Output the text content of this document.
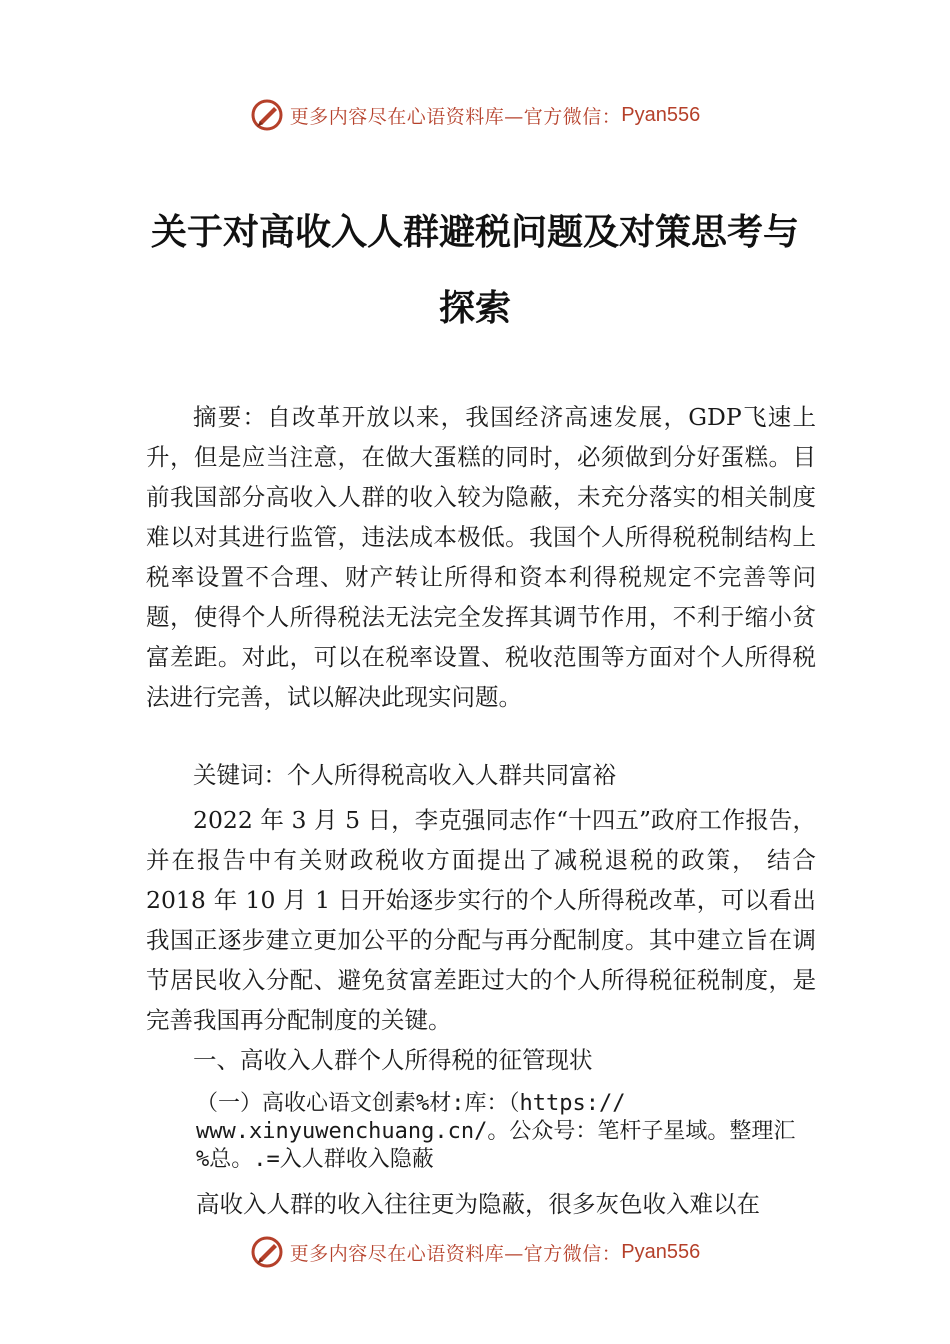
更多内容尽在心语资料库—官方微信： Pyan556
关于对高收入人群避税问题及对策思考与
探索

摘要：自改革开放以来，我国经济高速发展，GDP飞速上升，但是应当注意，在做大蛋糕的同时，必须做到分好蛋糕。目前我国部分高收入人群的收入较为隐蔽，未充分落实的相关制度难以对其进行监管，违法成本极低。我国个人所得税税制结构上税率设置不合理、财产转让所得和资本利得税规定不完善等问题，使得个人所得税法无法完全发挥其调节作用，不利于缩小贫富差距。对此，可以在税率设置、税收范围等方面对个人所得税法进行完善，试以解决此现实问题。

关键词：个人所得税高收入人群共同富裕

2022 年 3 月 5 日，李克强同志作“十四五”政府工作报告，并在报告中有关财政税收方面提出了减税退税的政策， 结合 2018 年 10 月 1 日开始逐步实行的个人所得税改革，可以看出我国正逐步建立更加公平的分配与再分配制度。其中建立旨在调节居民收入分配、避免贫富差距过大的个人所得税征税制度，是完善我国再分配制度的关键。

一、高收入人群个人所得税的征管现状

（一）高收心语文创素%材:库：（https://

www.xinyuwenchuang.cn/。公众号：笔杆子星域。整理汇

%总。.=入人群收入隐蔽

高收入人群的收入往往更为隐蔽，很多灰色收入难以在
更多内容尽在心语资料库—官方微信： Pyan556
